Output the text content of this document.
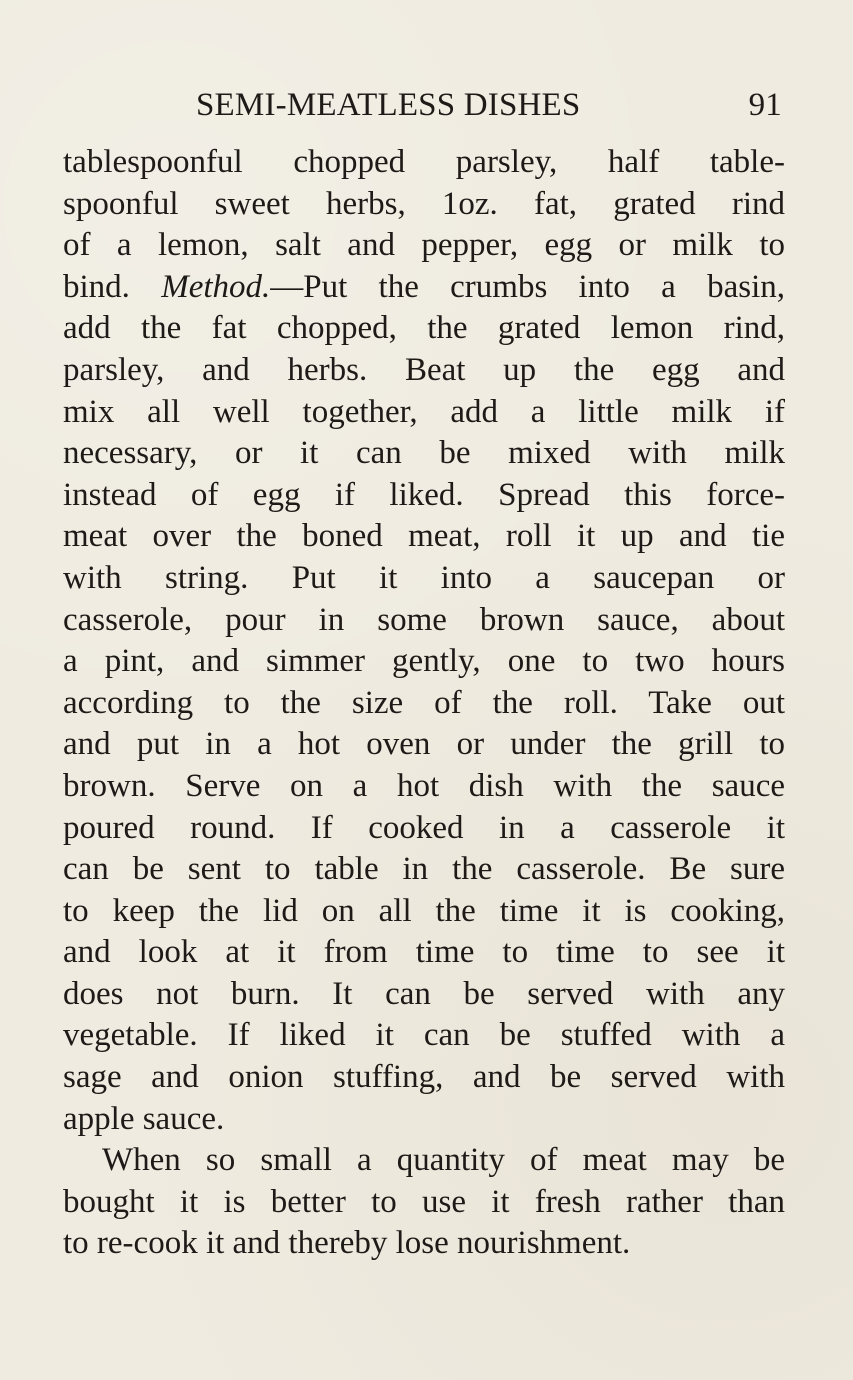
SEMI-MEATLESS DISHES	91
tablespoonful chopped parsley, half table-
spoonful sweet herbs, 1oz. fat, grated rind
of a lemon, salt and pepper, egg or milk to
bind. Method.—Put the crumbs into a basin,
add the fat chopped, the grated lemon rind,
parsley, and herbs. Beat up the egg and
mix all well together, add a little milk if
necessary, or it can be mixed with milk
instead of egg if liked. Spread this force-
meat over the boned meat, roll it up and tie
with string. Put it into a saucepan or
casserole, pour in some brown sauce, about
a pint, and simmer gently, one to two hours
according to the size of the roll. Take out
and put in a hot oven or under the grill to
brown. Serve on a hot dish with the sauce
poured round. If cooked in a casserole it
can be sent to table in the casserole. Be sure
to keep the lid on all the time it is cooking,
and look at it from time to time to see it
does not burn. It can be served with any
vegetable. If liked it can be stuffed with a
sage and onion stuffing, and be served with
apple sauce.
When so small a quantity of meat may be
bought it is better to use it fresh rather than
to re-cook it and thereby lose nourishment.
